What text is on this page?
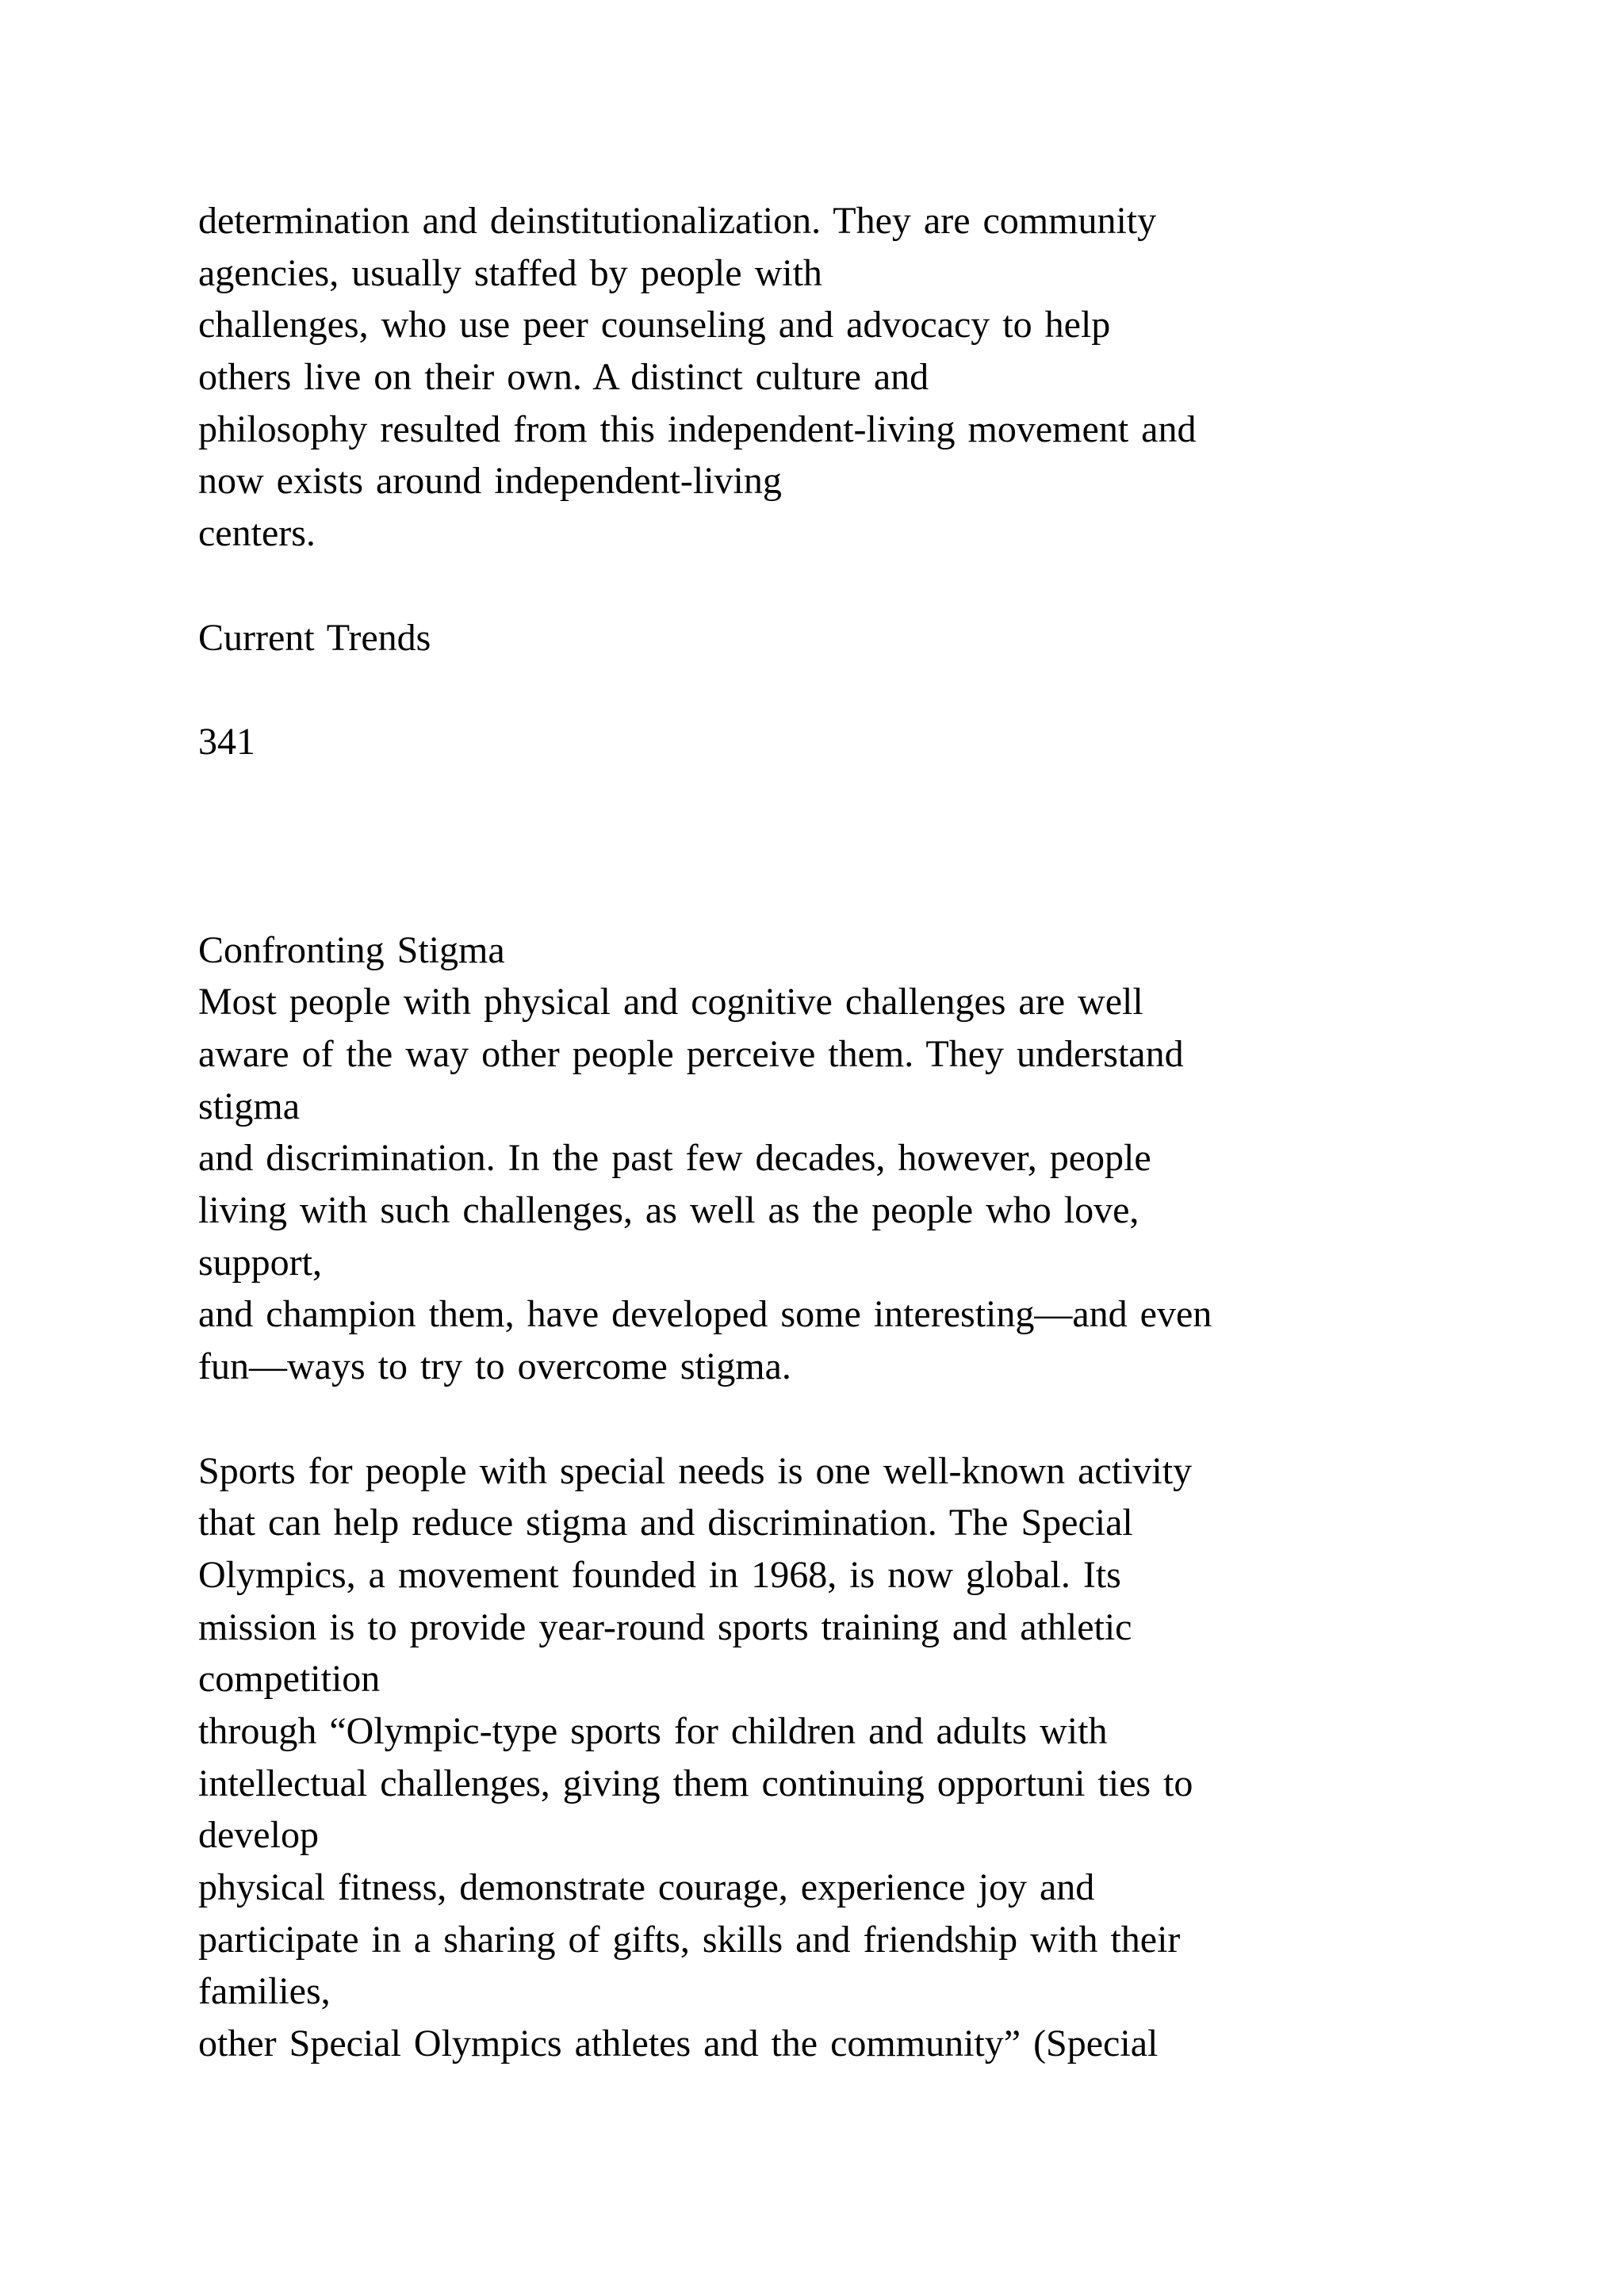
determination and deinstitutionalization. They are community
agencies, usually staffed by people with
challenges, who use peer counseling and advocacy to help
others live on their own. A distinct culture and
philosophy resulted from this independent-living movement and
now exists around independent-living
centers.
Current Trends
341
Confronting Stigma
Most people with physical and cognitive challenges are well
aware of the way other people perceive them. They understand
stigma
and discrimination. In the past few decades, however, people
living with such challenges, as well as the people who love,
support,
and champion them, have developed some interesting—and even
fun—ways to try to overcome stigma.
Sports for people with special needs is one well-known activity
that can help reduce stigma and discrimination. The Special
Olympics, a movement founded in 1968, is now global. Its
mission is to provide year-round sports training and athletic
competition
through “Olympic-type sports for children and adults with
intellectual challenges, giving them continuing opportuni ties to
develop
physical fitness, demonstrate courage, experience joy and
participate in a sharing of gifts, skills and friendship with their
families,
other Special Olympics athletes and the community” (Special
